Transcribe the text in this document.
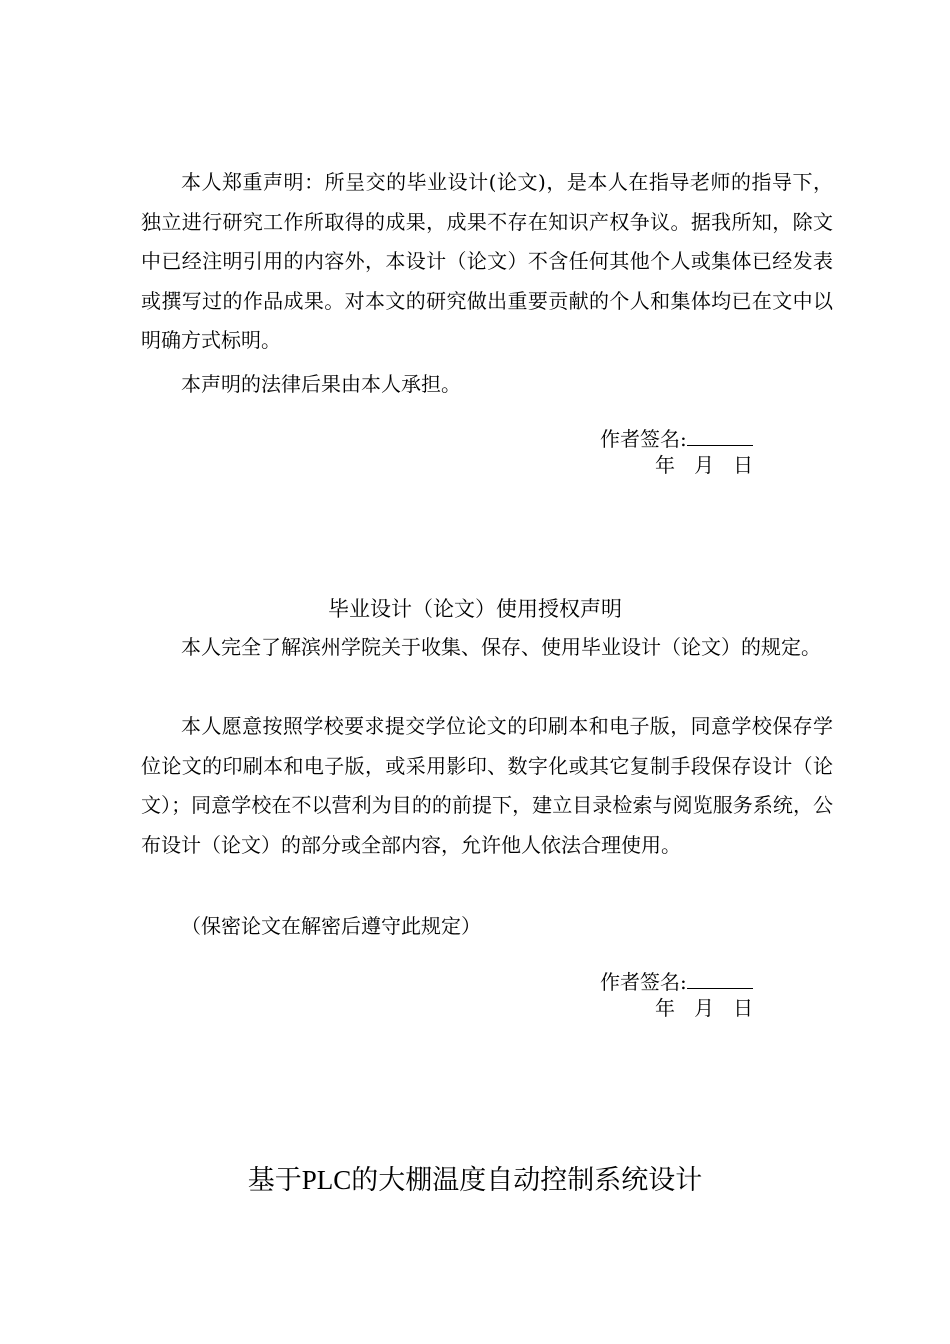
本人郑重声明：所呈交的毕业设计(论文)，是本人在指导老师的指导下，独立进行研究工作所取得的成果，成果不存在知识产权争议。据我所知，除文中已经注明引用的内容外，本设计（论文）不含任何其他个人或集体已经发表或撰写过的作品成果。对本文的研究做出重要贡献的个人和集体均已在文中以明确方式标明。

本声明的法律后果由本人承担。

作者签名:
年   月   日
毕业设计（论文）使用授权声明

本人完全了解滨州学院关于收集、保存、使用毕业设计（论文）的规定。

本人愿意按照学校要求提交学位论文的印刷本和电子版，同意学校保存学位论文的印刷本和电子版，或采用影印、数字化或其它复制手段保存设计（论文）；同意学校在不以营利为目的的前提下，建立目录检索与阅览服务系统，公布设计（论文）的部分或全部内容，允许他人依法合理使用。

（保密论文在解密后遵守此规定）

作者签名:
年   月   日
基于PLC的大棚温度自动控制系统设计
